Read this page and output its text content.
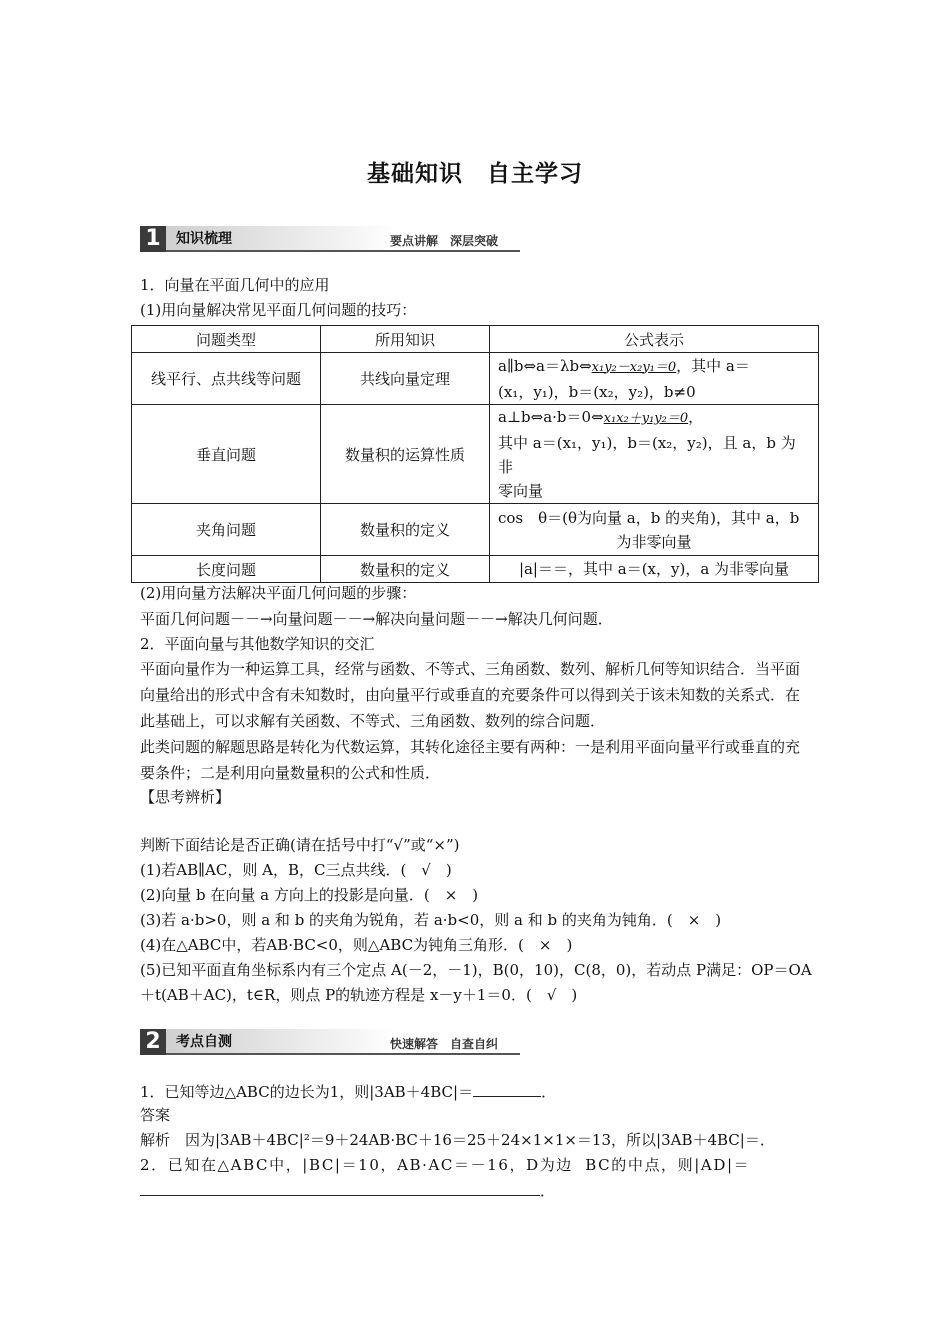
基础知识　自主学习
1	知识梳理	要点讲解　深层突破
1．向量在平面几何中的应用
(1)用向量解决常见平面几何问题的技巧：
问题类型	所用知识	公式表示
线平行、点共线等问题	共线向量定理	a∥b⇔a＝λb⇔x₁y₂－x₂y₁＝0，其中 a＝
(x₁，y₁)，b＝(x₂，y₂)，b≠0

垂直问题	数量积的运算性质	a⊥b⇔a·b＝0⇔x₁x₂＋y₁y₂＝0，
其中 a＝(x₁，y₁)，b＝(x₂，y₂)，且 a，b 为非
零向量

夹角问题	数量积的定义	cos　θ＝(θ为向量 a，b 的夹角)，其中 a，b
为非零向量

长度问题	数量积的定义	|a|＝＝，其中 a＝(x，y)，a 为非零向量
(2)用向量方法解决平面几何问题的步骤：
平面几何问题－－→向量问题－－→解决向量问题－－→解决几何问题．
2．平面向量与其他数学知识的交汇
平面向量作为一种运算工具，经常与函数、不等式、三角函数、数列、解析几何等知识结合．当平面向量给出的形式中含有未知数时，由向量平行或垂直的充要条件可以得到关于该未知数的关系式．在此基础上，可以求解有关函数、不等式、三角函数、数列的综合问题．
此类问题的解题思路是转化为代数运算，其转化途径主要有两种：一是利用平面向量平行或垂直的充要条件；二是利用向量数量积的公式和性质．
【思考辨析】
判断下面结论是否正确(请在括号中打“√”或“×”)
(1)若AB∥AC，则 A，B，C三点共线．(　√　)
(2)向量 b 在向量 a 方向上的投影是向量．(　×　)
(3)若 a·b>0，则 a 和 b 的夹角为锐角，若 a·b<0，则 a 和 b 的夹角为钝角．(　×　)
(4)在△ABC中，若AB·BC<0，则△ABC为钝角三角形．(　×　)
(5)已知平面直角坐标系内有三个定点 A(－2，－1)，B(0，10)，C(8，0)，若动点 P满足：OP＝OA
＋t(AB＋AC)，t∈R，则点 P的轨迹方程是 x－y＋1＝0．(　√　)
2	考点自测	快速解答　自查自纠
1．已知等边△ABC的边长为1，则|3AB＋4BC|＝	．
答案
解析　因为|3AB＋4BC|²＝9＋24AB·BC＋16＝25＋24×1×1×＝13，所以|3AB＋4BC|＝．
2．已知在△ABC中，|BC|＝10，AB·AC＝－16，D为边 BC的中点，则|AD|＝
．
